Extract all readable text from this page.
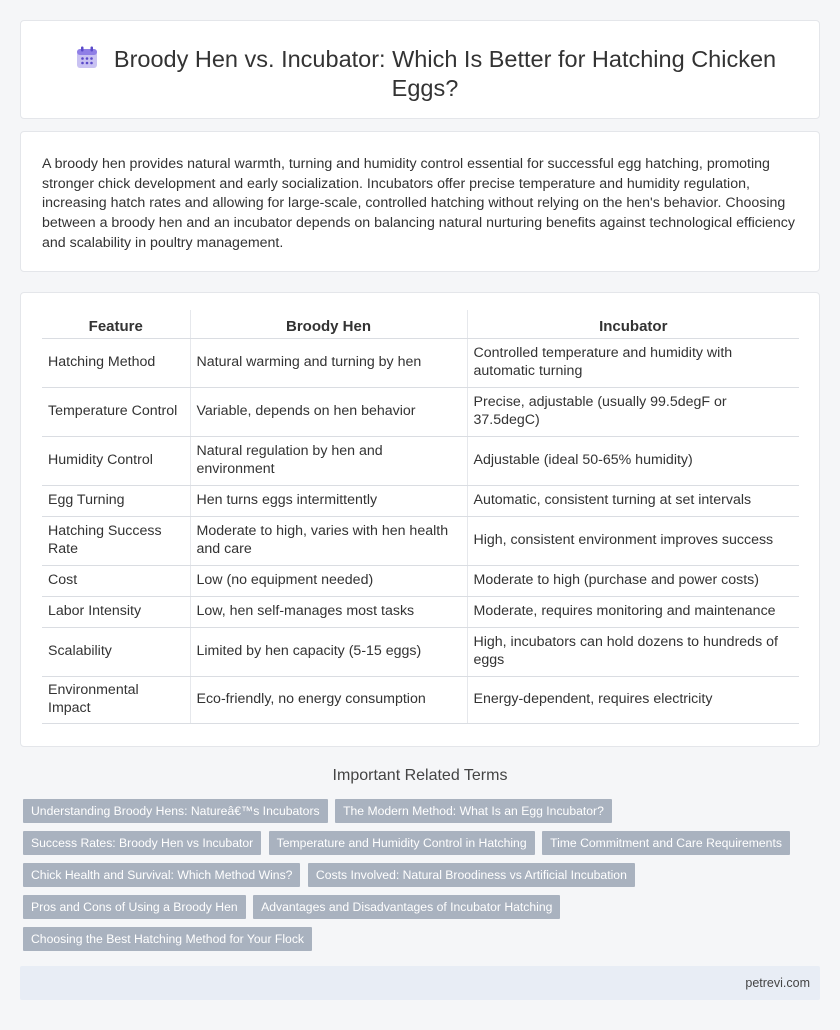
Broody Hen vs. Incubator: Which Is Better for Hatching Chicken Eggs?

A broody hen provides natural warmth, turning and humidity control essential for successful egg hatching, promoting stronger chick development and early socialization. Incubators offer precise temperature and humidity regulation, increasing hatch rates and allowing for large-scale, controlled hatching without relying on the hen's behavior. Choosing between a broody hen and an incubator depends on balancing natural nurturing benefits against technological efficiency and scalability in poultry management.

Feature	Broody Hen	Incubator
Hatching Method	Natural warming and turning by hen	Controlled temperature and humidity with automatic turning
Temperature Control	Variable, depends on hen behavior	Precise, adjustable (usually 99.5degF or 37.5degC)
Humidity Control	Natural regulation by hen and environment	Adjustable (ideal 50-65% humidity)
Egg Turning	Hen turns eggs intermittently	Automatic, consistent turning at set intervals
Hatching Success Rate	Moderate to high, varies with hen health and care	High, consistent environment improves success
Cost	Low (no equipment needed)	Moderate to high (purchase and power costs)
Labor Intensity	Low, hen self-manages most tasks	Moderate, requires monitoring and maintenance
Scalability	Limited by hen capacity (5-15 eggs)	High, incubators can hold dozens to hundreds of eggs
Environmental Impact	Eco-friendly, no energy consumption	Energy-dependent, requires electricity
Important Related Terms
Understanding Broody Hens: Natureâ€™s Incubators The Modern Method: What Is an Egg Incubator?
Success Rates: Broody Hen vs Incubator Temperature and Humidity Control in Hatching Time Commitment and Care Requirements
Chick Health and Survival: Which Method Wins? Costs Involved: Natural Broodiness vs Artificial Incubation
Pros and Cons of Using a Broody Hen Advantages and Disadvantages of Incubator Hatching
Choosing the Best Hatching Method for Your Flock
petrevi.com
